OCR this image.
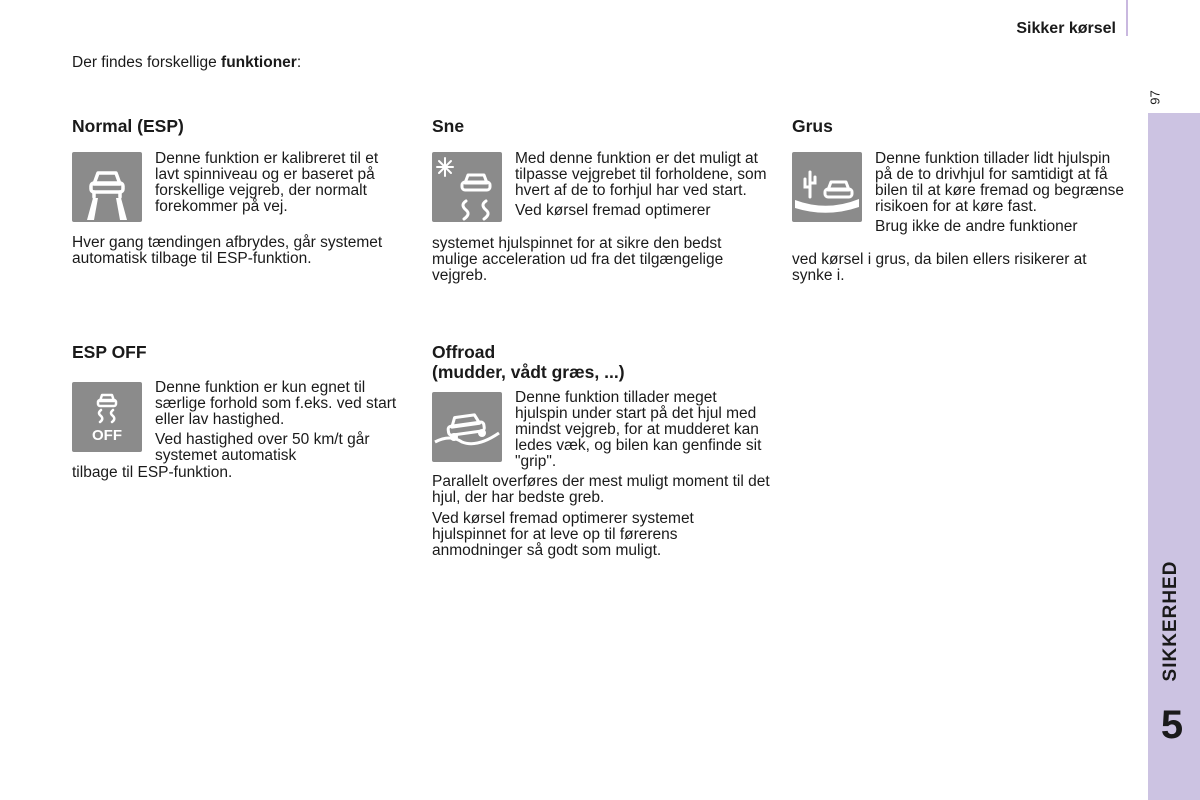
Sikker kørsel
97
SIKKERHED
5
Der findes forskellige funktioner:
Normal (ESP)

Denne funktion er kalibreret til et lavt spinniveau og er baseret på forskellige vejgreb, der normalt forekommer på vej.

Hver gang tændingen afbrydes, går systemet automatisk tilbage til ESP-funktion.

Sne

Med denne funktion er det muligt at tilpasse vejgrebet til forholdene, som hvert af de to forhjul har ved start.

Ved kørsel fremad optimerer

systemet hjulspinnet for at sikre den bedst mulige acceleration ud fra det tilgængelige vejgreb.

Grus

Denne funktion tillader lidt hjulspin på de to drivhjul for samtidigt at få bilen til at køre fremad og begrænse risikoen for at køre fast.

Brug ikke de andre funktioner

ved kørsel i grus, da bilen ellers risikerer at synke i.

ESP OFF
OFF

Denne funktion er kun egnet til særlige forhold som f.eks. ved start eller lav hastighed.

Ved hastighed over 50 km/t går systemet automatisk

tilbage til ESP-funktion.

Offroad
(mudder, vådt græs, ...)

Denne funktion tillader meget hjulspin under start på det hjul med mindst vejgreb, for at mudderet kan ledes væk, og bilen kan genfinde sit "grip".

Parallelt overføres der mest muligt moment til det hjul, der har bedste greb.

Ved kørsel fremad optimerer systemet hjulspinnet for at leve op til førerens anmodninger så godt som muligt.
